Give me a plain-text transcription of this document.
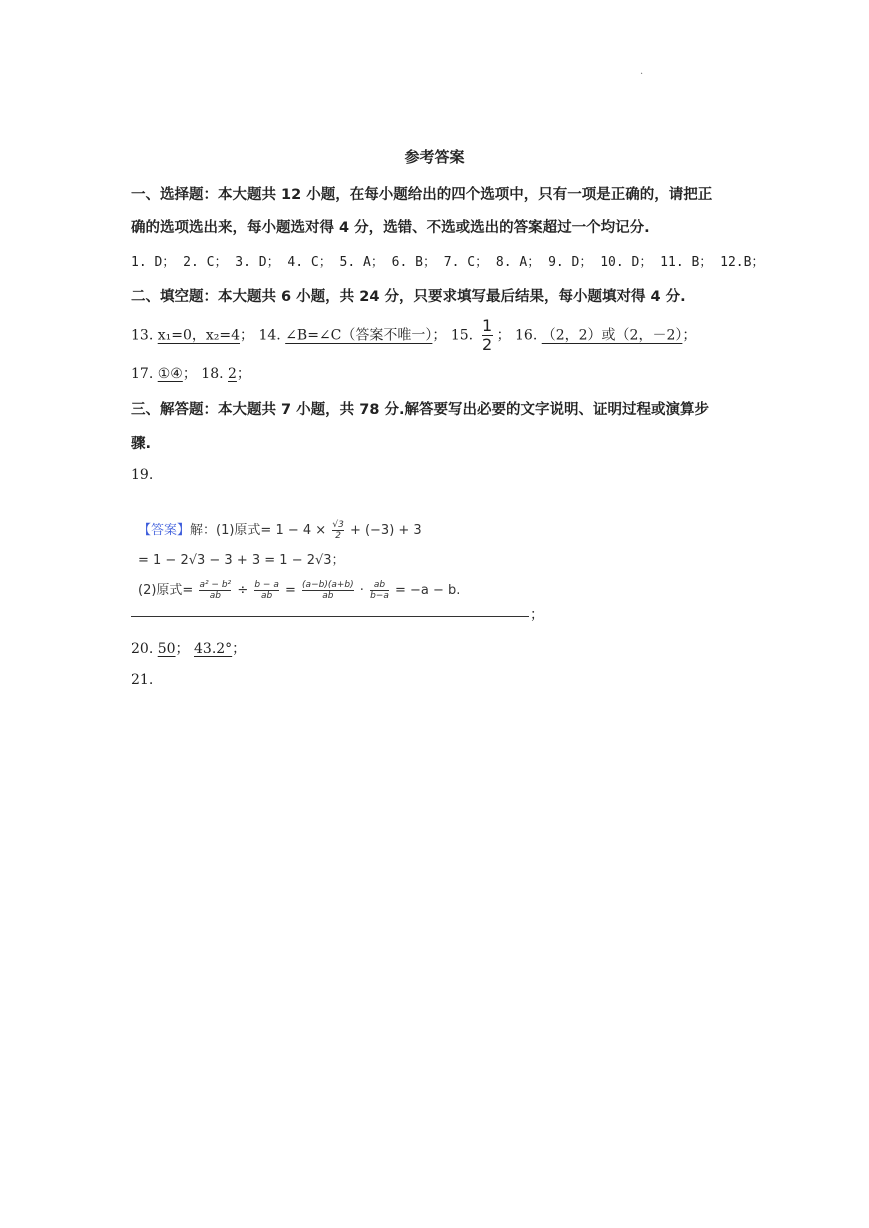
.
参考答案
一、选择题：本大题共 12 小题，在每小题给出的四个选项中，只有一项是正确的，请把正
确的选项选出来，每小题选对得 4 分，选错、不选或选出的答案超过一个均记分.
1. D； 2. C； 3. D； 4. C； 5. A； 6. B； 7. C； 8. A； 9. D； 10. D； 11. B； 12.B；
二、填空题：本大题共 6 小题，共 24 分，只要求填写最后结果，每小题填对得 4 分.
13. x₁=0，x₂=4； 14. ∠B=∠C（答案不唯一）； 15. $\frac{1}{2}$ ； 16. （2，2）或（2，－2）；
17. ①④； 18. 2；
三、解答题：本大题共 7 小题，共 78 分.解答要写出必要的文字说明、证明过程或演算步
骤.
19.
【答案】解：(1)原式= $1 - 4 \times \frac{√3}{2} + (-3) + 3$
= 1 − 2√3 − 3 + 3 = 1 − 2√3；
(2)原式= $\frac{\text{a² − b²}}{ab} \div \frac{b - a}{ab} = \frac{(a-b)(a+b)}{ab} \cdot \frac{ab}{b-a} = -a - b$.
；
20. 50； 43.2°；
21.
